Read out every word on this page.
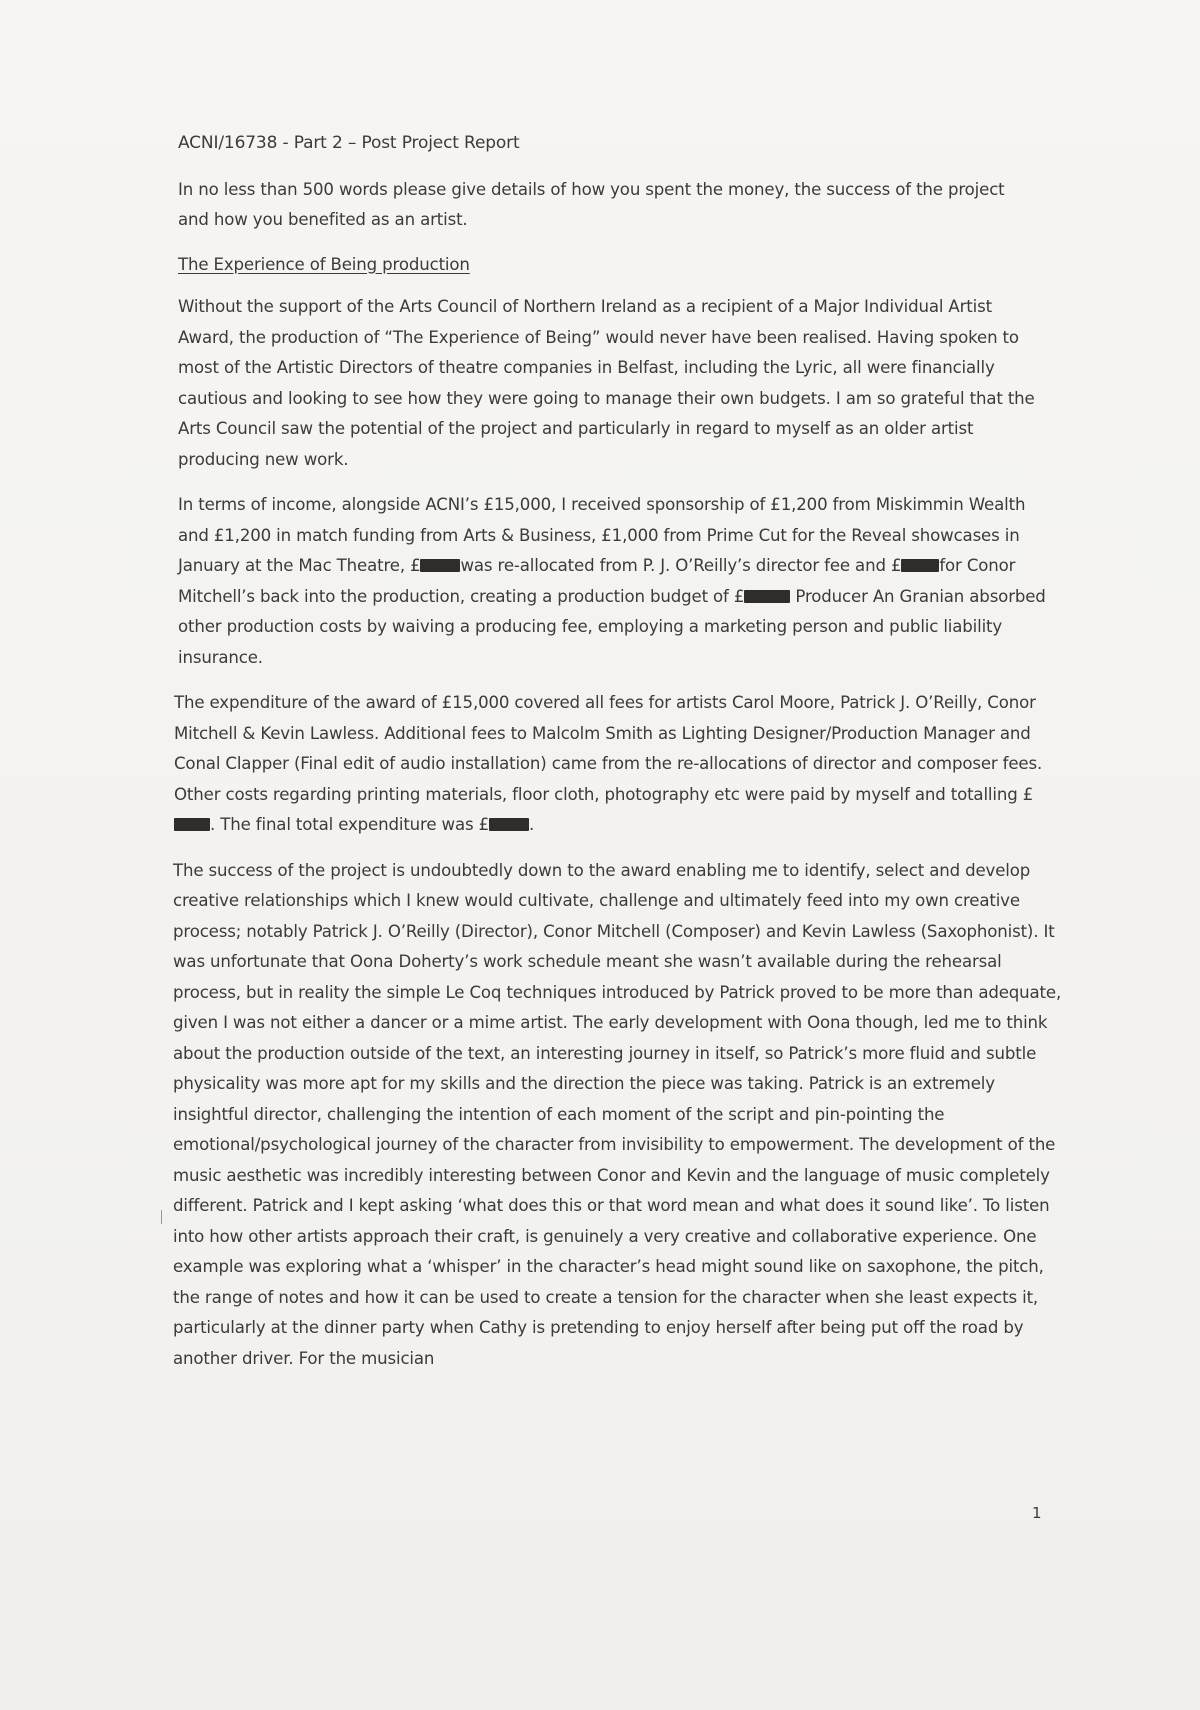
ACNI/16738 - Part 2 – Post Project Report

In no less than 500 words please give details of how you spent the money, the success of the project and how you benefited as an artist.

The Experience of Being production

Without the support of the Arts Council of Northern Ireland as a recipient of a Major Individual Artist Award, the production of “The Experience of Being” would never have been realised. Having spoken to most of the Artistic Directors of theatre companies in Belfast, including the Lyric, all were financially cautious and looking to see how they were going to manage their own budgets. I am so grateful that the Arts Council saw the potential of the project and particularly in regard to myself as an older artist producing new work.

In terms of income, alongside ACNI’s £15,000, I received sponsorship of £1,200 from Miskimmin Wealth and £1,200 in match funding from Arts & Business, £1,000 from Prime Cut for the Reveal showcases in January at the Mac Theatre, £ was re-allocated from P. J. O’Reilly’s director fee and £ for Conor Mitchell’s back into the production, creating a production budget of £	Producer An Granian absorbed other production costs by waiving a producing fee, employing a marketing person and public liability insurance.

The expenditure of the award of £15,000 covered all fees for artists Carol Moore, Patrick J. O’Reilly, Conor Mitchell & Kevin Lawless. Additional fees to Malcolm Smith as Lighting Designer/Production Manager and Conal Clapper (Final edit of audio installation) came from the re-allocations of director and composer fees. Other costs regarding printing materials, floor cloth, photography etc were paid by myself and totalling £. The final total expenditure was £ .

The success of the project is undoubtedly down to the award enabling me to identify, select and develop creative relationships which I knew would cultivate, challenge and ultimately feed into my own creative process; notably Patrick J. O’Reilly (Director), Conor Mitchell (Composer) and Kevin Lawless (Saxophonist). It was unfortunate that Oona Doherty’s work schedule meant she wasn’t available during the rehearsal process, but in reality the simple Le Coq techniques introduced by Patrick proved to be more than adequate, given I was not either a dancer or a mime artist. The early development with Oona though, led me to think about the production outside of the text, an interesting journey in itself, so Patrick’s more fluid and subtle physicality was more apt for my skills and the direction the piece was taking. Patrick is an extremely insightful director, challenging the intention of each moment of the script and pin-pointing the emotional/psychological journey of the character from invisibility to empowerment. The development of the music aesthetic was incredibly interesting between Conor and Kevin and the language of music completely different. Patrick and I kept asking ‘what does this or that word mean and what does it sound like’. To listen into how other artists approach their craft, is genuinely a very creative and collaborative experience. One example was exploring what a ‘whisper’ in the character’s head might sound like on saxophone, the pitch, the range of notes and how it can be used to create a tension for the character when she least expects it, particularly at the dinner party when Cathy is pretending to enjoy herself after being put off the road by another driver. For the musician

1
